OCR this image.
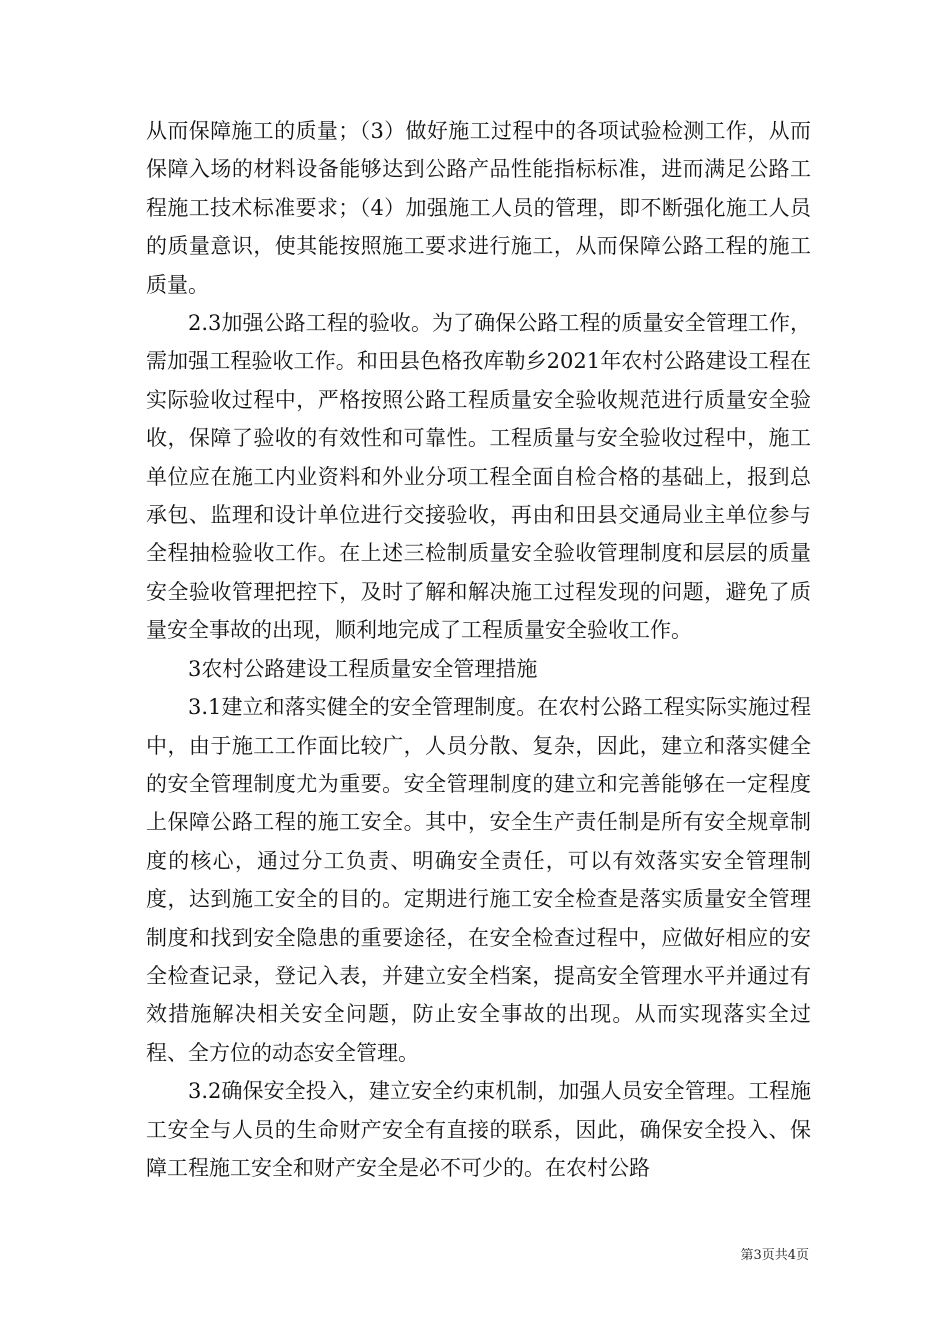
从而保障施工的质量；（3）做好施工过程中的各项试验检测工作，从而保障入场的材料设备能够达到公路产品性能指标标准，进而满足公路工程施工技术标准要求；（4）加强施工人员的管理，即不断强化施工人员的质量意识，使其能按照施工要求进行施工，从而保障公路工程的施工质量。

2.3加强公路工程的验收。为了确保公路工程的质量安全管理工作，需加强工程验收工作。和田县色格孜库勒乡2021年农村公路建设工程在实际验收过程中，严格按照公路工程质量安全验收规范进行质量安全验收，保障了验收的有效性和可靠性。工程质量与安全验收过程中，施工单位应在施工内业资料和外业分项工程全面自检合格的基础上，报到总承包、监理和设计单位进行交接验收，再由和田县交通局业主单位参与全程抽检验收工作。在上述三检制质量安全验收管理制度和层层的质量安全验收管理把控下，及时了解和解决施工过程发现的问题，避免了质量安全事故的出现，顺利地完成了工程质量安全验收工作。

3农村公路建设工程质量安全管理措施

3.1建立和落实健全的安全管理制度。在农村公路工程实际实施过程中，由于施工工作面比较广，人员分散、复杂，因此，建立和落实健全的安全管理制度尤为重要。安全管理制度的建立和完善能够在一定程度上保障公路工程的施工安全。其中，安全生产责任制是所有安全规章制度的核心，通过分工负责、明确安全责任，可以有效落实安全管理制度，达到施工安全的目的。定期进行施工安全检查是落实质量安全管理制度和找到安全隐患的重要途径，在安全检查过程中，应做好相应的安全检查记录，登记入表，并建立安全档案，提高安全管理水平并通过有效措施解决相关安全问题，防止安全事故的出现。从而实现落实全过程、全方位的动态安全管理。

3.2确保安全投入，建立安全约束机制，加强人员安全管理。工程施工安全与人员的生命财产安全有直接的联系，因此，确保安全投入、保障工程施工安全和财产安全是必不可少的。在农村公路

第3页共4页
